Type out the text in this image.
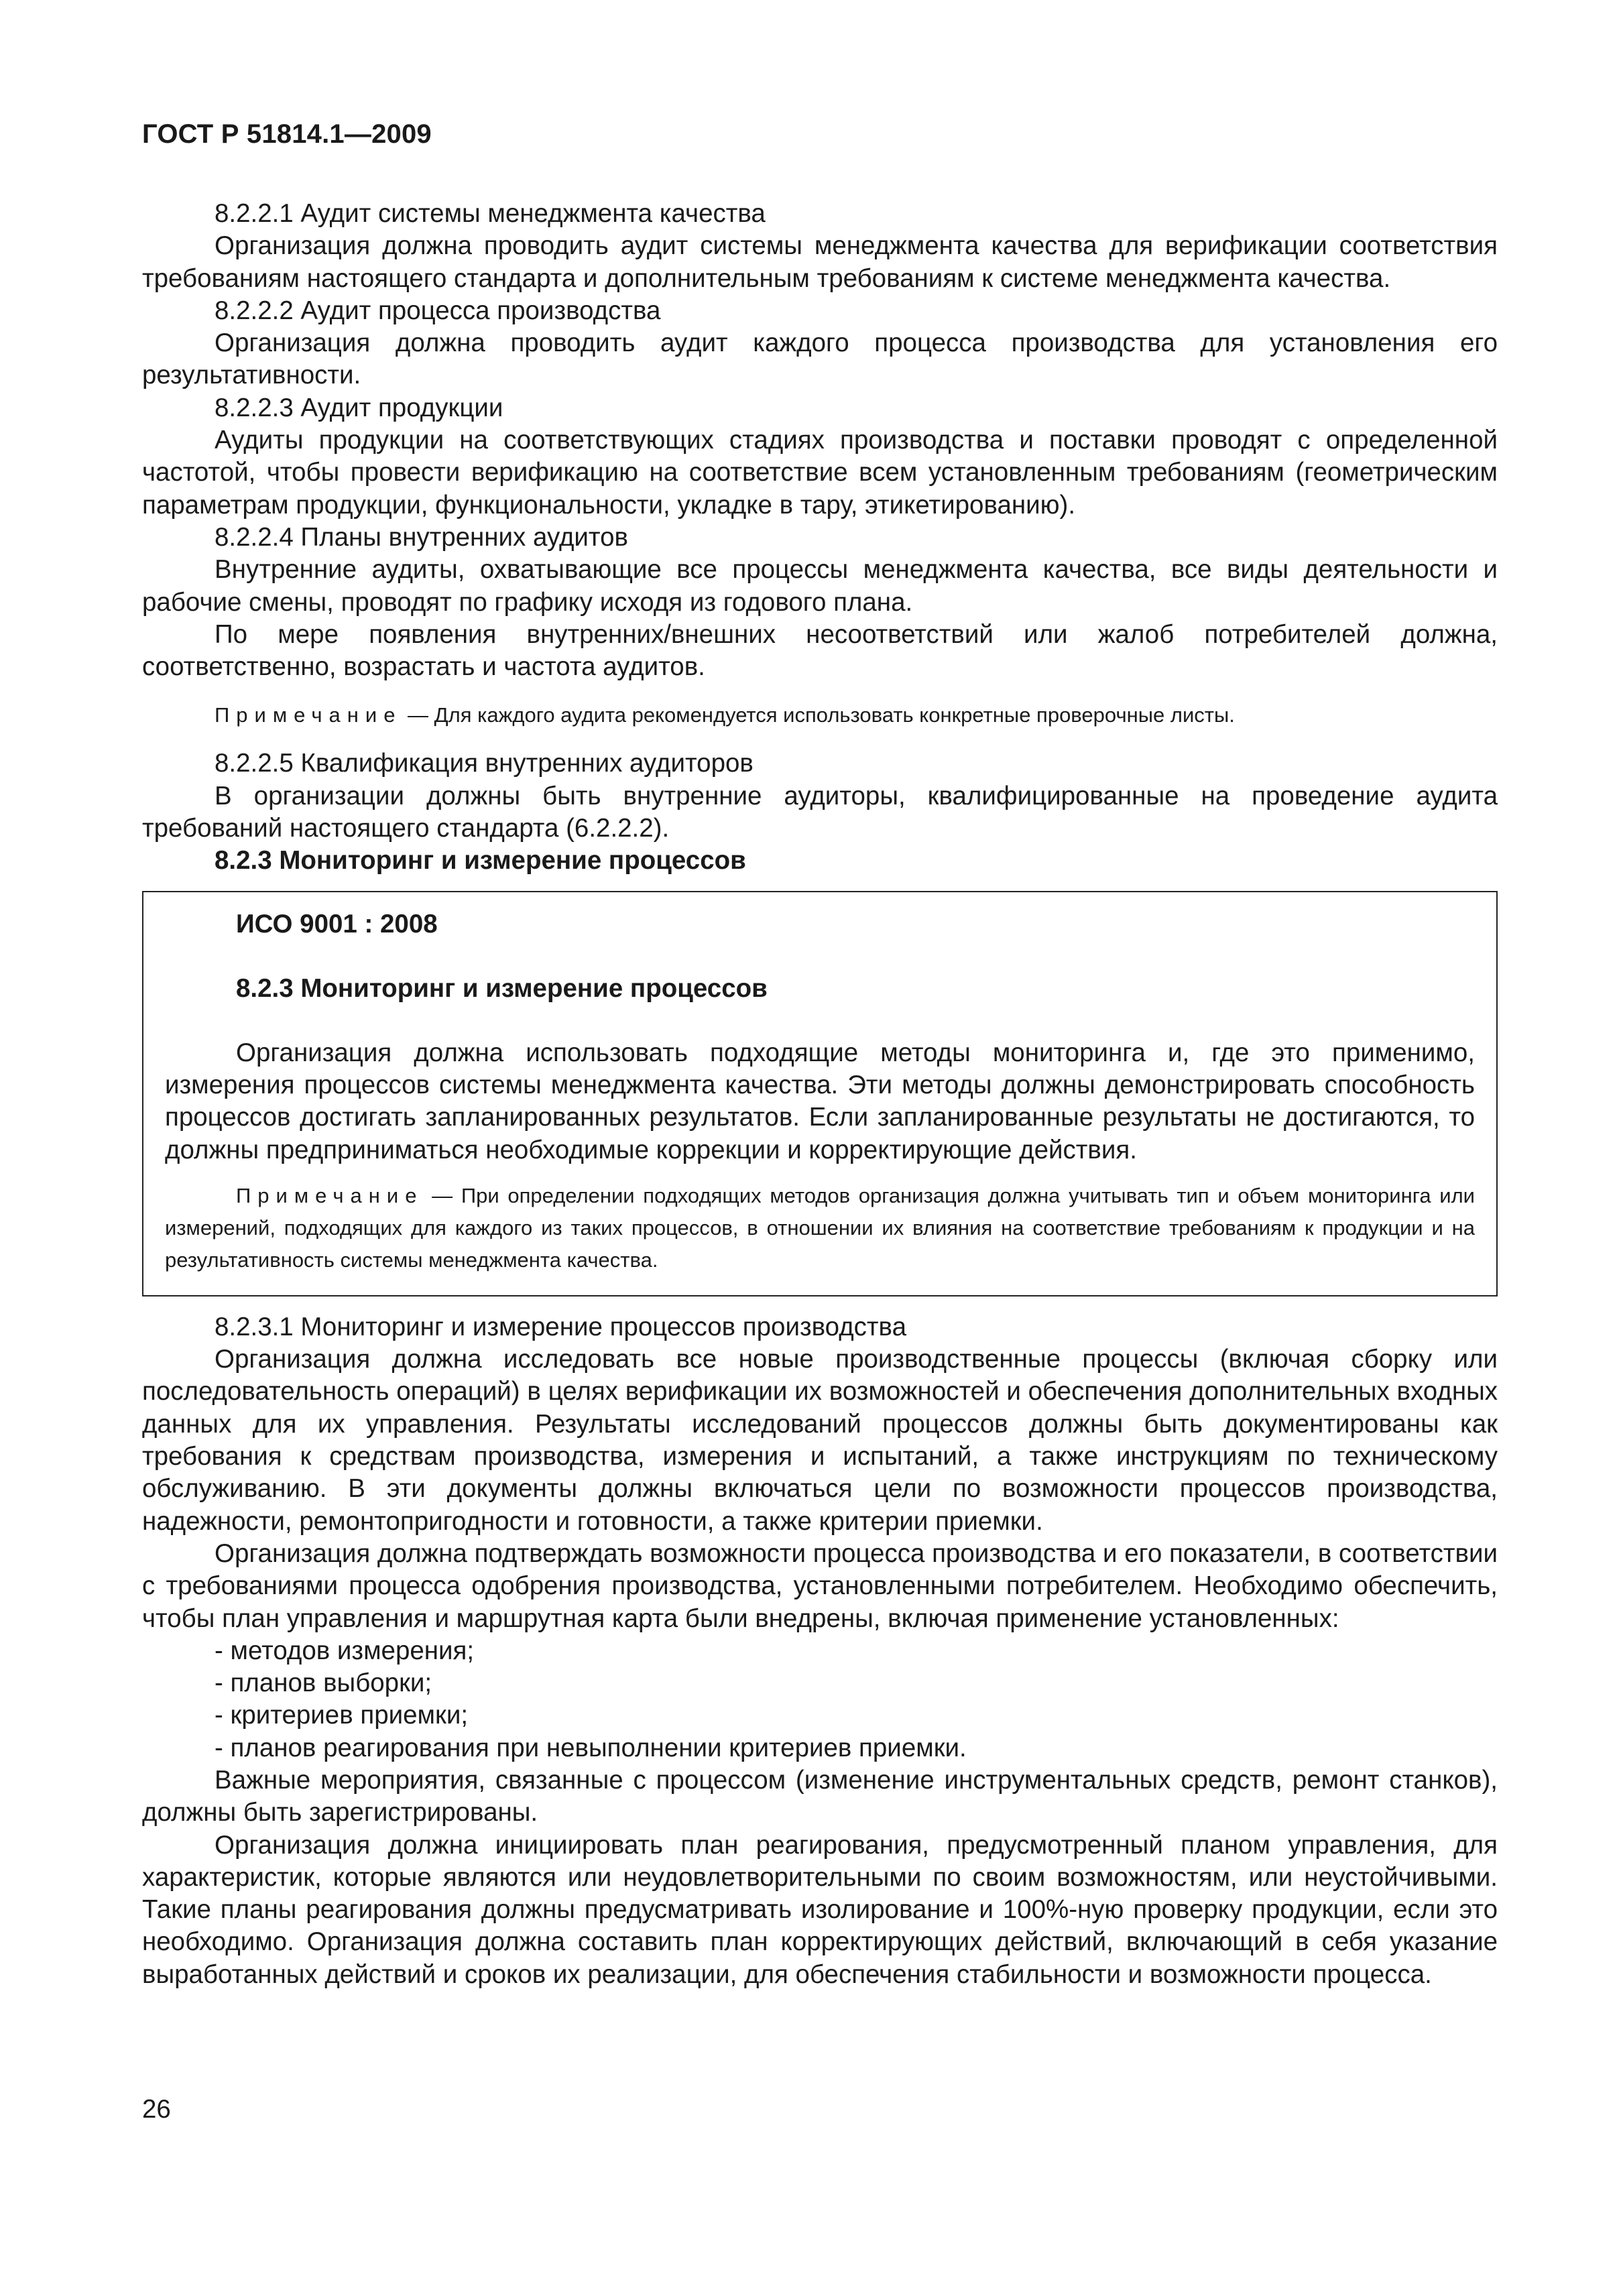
ГОСТ Р 51814.1—2009

8.2.2.1 Аудит системы менеджмента качества

Организация должна проводить аудит системы менеджмента качества для верификации соответствия требованиям настоящего стандарта и дополнительным требованиям к системе менеджмента качества.

8.2.2.2 Аудит процесса производства

Организация должна проводить аудит каждого процесса производства для установления его результативности.

8.2.2.3 Аудит продукции

Аудиты продукции на соответствующих стадиях производства и поставки проводят с определенной частотой, чтобы провести верификацию на соответствие всем установленным требованиям (геометрическим параметрам продукции, функциональности, укладке в тару, этикетированию).

8.2.2.4 Планы внутренних аудитов

Внутренние аудиты, охватывающие все процессы менеджмента качества, все виды деятельности и рабочие смены, проводят по графику исходя из годового плана.

По мере появления внутренних/внешних несоответствий или жалоб потребителей должна, соответственно, возрастать и частота аудитов.

Примечание — Для каждого аудита рекомендуется использовать конкретные проверочные листы.

8.2.2.5 Квалификация внутренних аудиторов

В организации должны быть внутренние аудиторы, квалифицированные на проведение аудита требований настоящего стандарта (6.2.2.2).

8.2.3 Мониторинг и измерение процессов

ИСО 9001 : 2008
8.2.3 Мониторинг и измерение процессов

Организация должна использовать подходящие методы мониторинга и, где это применимо, измерения процессов системы менеджмента качества. Эти методы должны демонстрировать способность процессов достигать запланированных результатов. Если запланированные результаты не достигаются, то должны предприниматься необходимые коррекции и корректирующие действия.

Примечание — При определении подходящих методов организация должна учитывать тип и объем мониторинга или измерений, подходящих для каждого из таких процессов, в отношении их влияния на соответствие требованиям к продукции и на результативность системы менеджмента качества.

8.2.3.1 Мониторинг и измерение процессов производства

Организация должна исследовать все новые производственные процессы (включая сборку или последовательность операций) в целях верификации их возможностей и обеспечения дополнительных входных данных для их управления. Результаты исследований процессов должны быть документированы как требования к средствам производства, измерения и испытаний, а также инструкциям по техническому обслуживанию. В эти документы должны включаться цели по возможности процессов производства, надежности, ремонтопригодности и готовности, а также критерии приемки.

Организация должна подтверждать возможности процесса производства и его показатели, в соответствии с требованиями процесса одобрения производства, установленными потребителем. Необходимо обеспечить, чтобы план управления и маршрутная карта были внедрены, включая применение установленных:

- методов измерения;

- планов выборки;

- критериев приемки;

- планов реагирования при невыполнении критериев приемки.

Важные мероприятия, связанные с процессом (изменение инструментальных средств, ремонт станков), должны быть зарегистрированы.

Организация должна инициировать план реагирования, предусмотренный планом управления, для характеристик, которые являются или неудовлетворительными по своим возможностям, или неустойчивыми. Такие планы реагирования должны предусматривать изолирование и 100%-ную проверку продукции, если это необходимо. Организация должна составить план корректирующих действий, включающий в себя указание выработанных действий и сроков их реализации, для обеспечения стабильности и возможности процесса.

26
